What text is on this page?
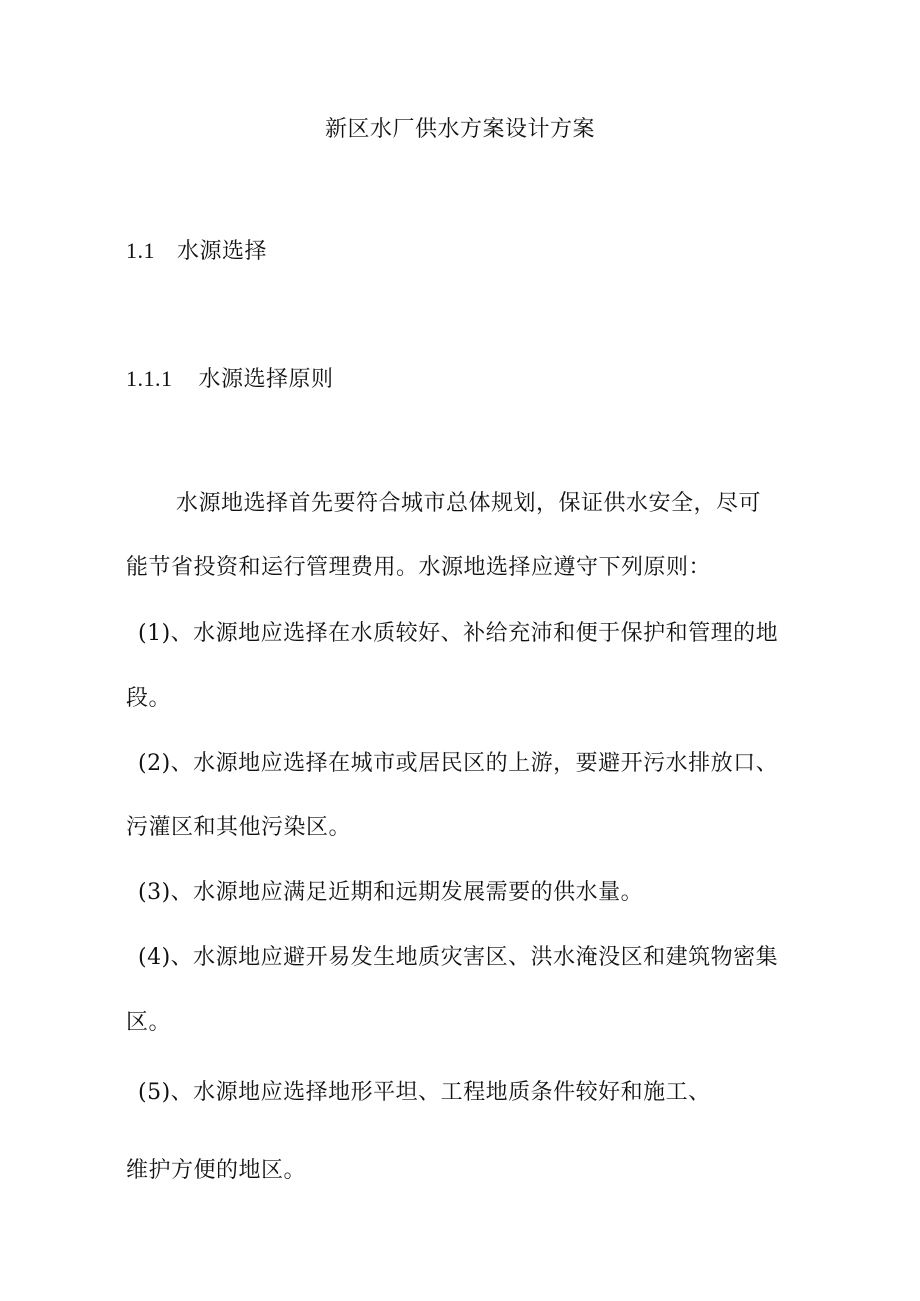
新区水厂供水方案设计方案
1.1 水源选择
1.1.1 水源选择原则
水源地选择首先要符合城市总体规划，保证供水安全，尽可
能节省投资和运行管理费用。水源地选择应遵守下列原则：
(1)、水源地应选择在水质较好、补给充沛和便于保护和管理的地
段。
(2)、水源地应选择在城市或居民区的上游，要避开污水排放口、
污灌区和其他污染区。
(3)、水源地应满足近期和远期发展需要的供水量。
(4)、水源地应避开易发生地质灾害区、洪水淹没区和建筑物密集
区。
(5)、水源地应选择地形平坦、工程地质条件较好和施工、
维护方便的地区。
